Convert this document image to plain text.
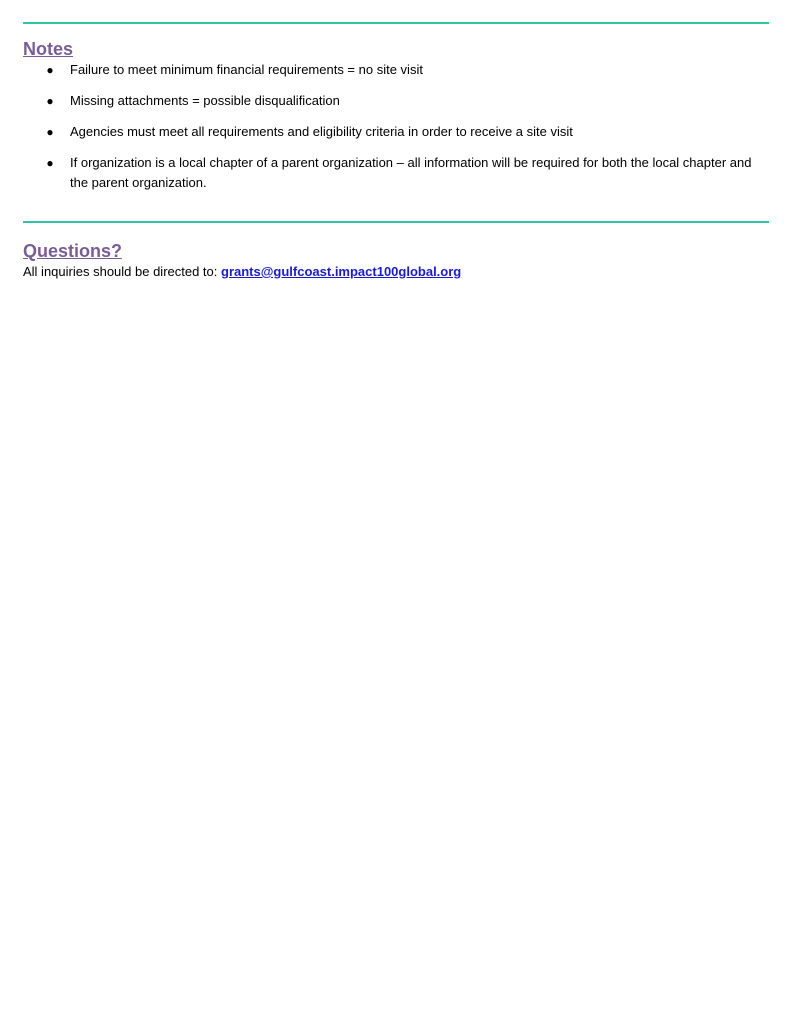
Notes
● Failure to meet minimum financial requirements = no site visit
● Missing attachments = possible disqualification
● Agencies must meet all requirements and eligibility criteria in order to receive a site visit
● If organization is a local chapter of a parent organization – all information will be required for both the local chapter and the parent organization.
Questions?

All inquiries should be directed to: grants@gulfcoast.impact100global.org
